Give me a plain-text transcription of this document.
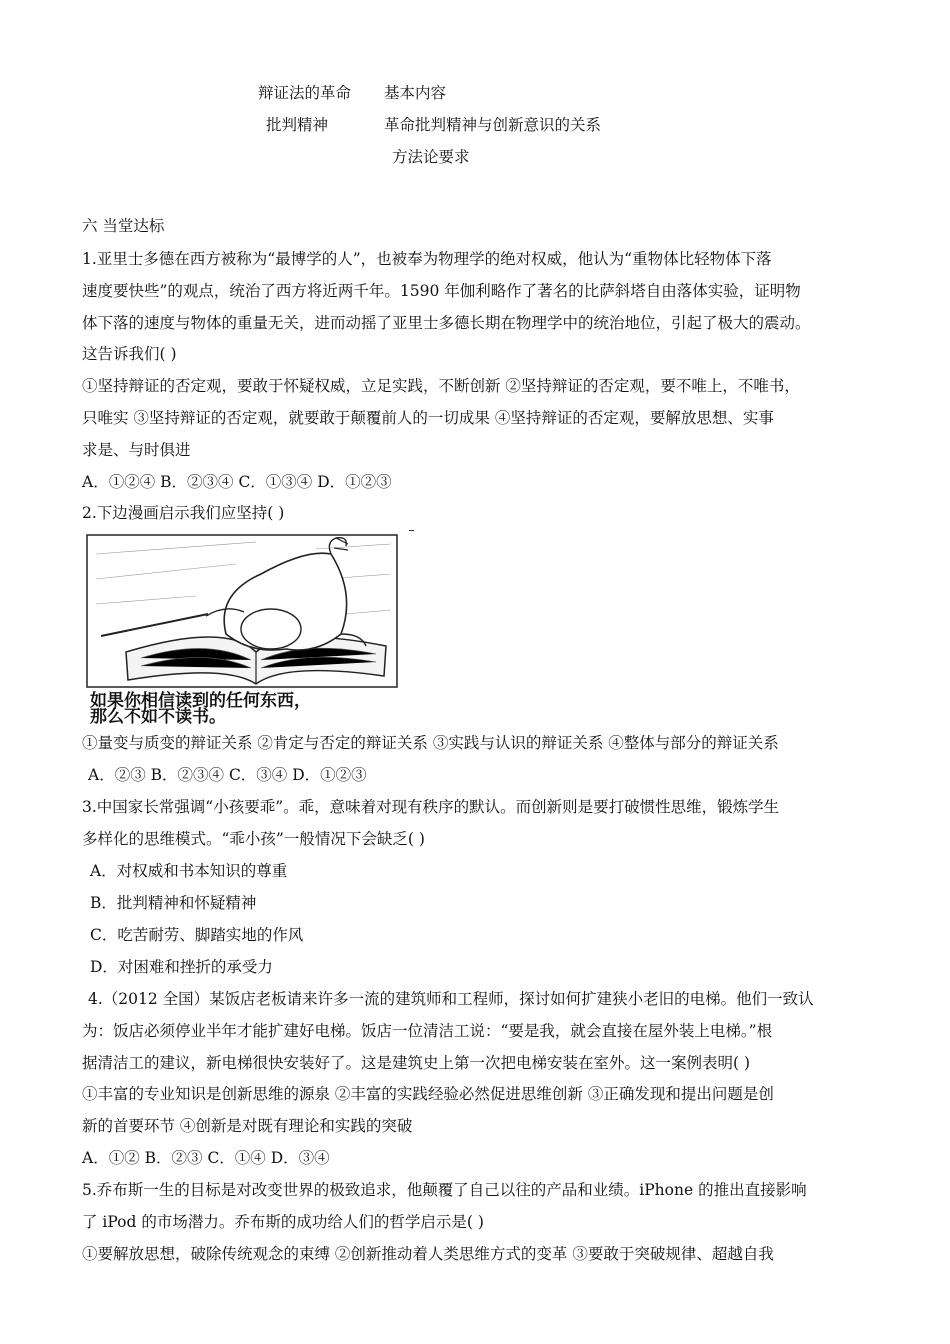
辩证法的革命 基本内容
批判精神	革命批判精神与创新意识的关系
方法论要求
六 当堂达标
1.亚里士多德在西方被称为“最博学的人”，也被奉为物理学的绝对权威，他认为“重物体比轻物体下落
速度要快些”的观点，统治了西方将近两千年。1590 年伽利略作了著名的比萨斜塔自由落体实验，证明物
体下落的速度与物体的重量无关，进而动摇了亚里士多德长期在物理学中的统治地位，引起了极大的震动。
这告诉我们( )
①坚持辩证的否定观，要敢于怀疑权威，立足实践，不断创新 ②坚持辩证的否定观，要不唯上，不唯书，
只唯实 ③坚持辩证的否定观，就要敢于颠覆前人的一切成果 ④坚持辩证的否定观，要解放思想、实事
求是、与时俱进
A．①②④ B．②③④ C．①③④ D．①②③
2.下边漫画启示我们应坚持( )
如果你相信读到的任何东西，
那么不如不读书。
①量变与质变的辩证关系 ②肯定与否定的辩证关系 ③实践与认识的辩证关系 ④整体与部分的辩证关系
A．②③ B．②③④ C．③④ D．①②③
3.中国家长常强调“小孩要乖”。乖，意味着对现有秩序的默认。而创新则是要打破惯性思维，锻炼学生
多样化的思维模式。“乖小孩”一般情况下会缺乏( )
A．对权威和书本知识的尊重
B．批判精神和怀疑精神
C．吃苦耐劳、脚踏实地的作风
D．对困难和挫折的承受力
4.（2012 全国）某饭店老板请来许多一流的建筑师和工程师，探讨如何扩建狭小老旧的电梯。他们一致认
为：饭店必须停业半年才能扩建好电梯。饭店一位清洁工说：“要是我，就会直接在屋外装上电梯。”根
据清洁工的建议，新电梯很快安装好了。这是建筑史上第一次把电梯安装在室外。这一案例表明( )
①丰富的专业知识是创新思维的源泉 ②丰富的实践经验必然促进思维创新 ③正确发现和提出问题是创
新的首要环节 ④创新是对既有理论和实践的突破
A．①② B．②③ C．①④ D．③④
5.乔布斯一生的目标是对改变世界的极致追求，他颠覆了自己以往的产品和业绩。iPhone 的推出直接影响
了 iPod 的市场潜力。乔布斯的成功给人们的哲学启示是( )
①要解放思想，破除传统观念的束缚 ②创新推动着人类思维方式的变革 ③要敢于突破规律、超越自我
